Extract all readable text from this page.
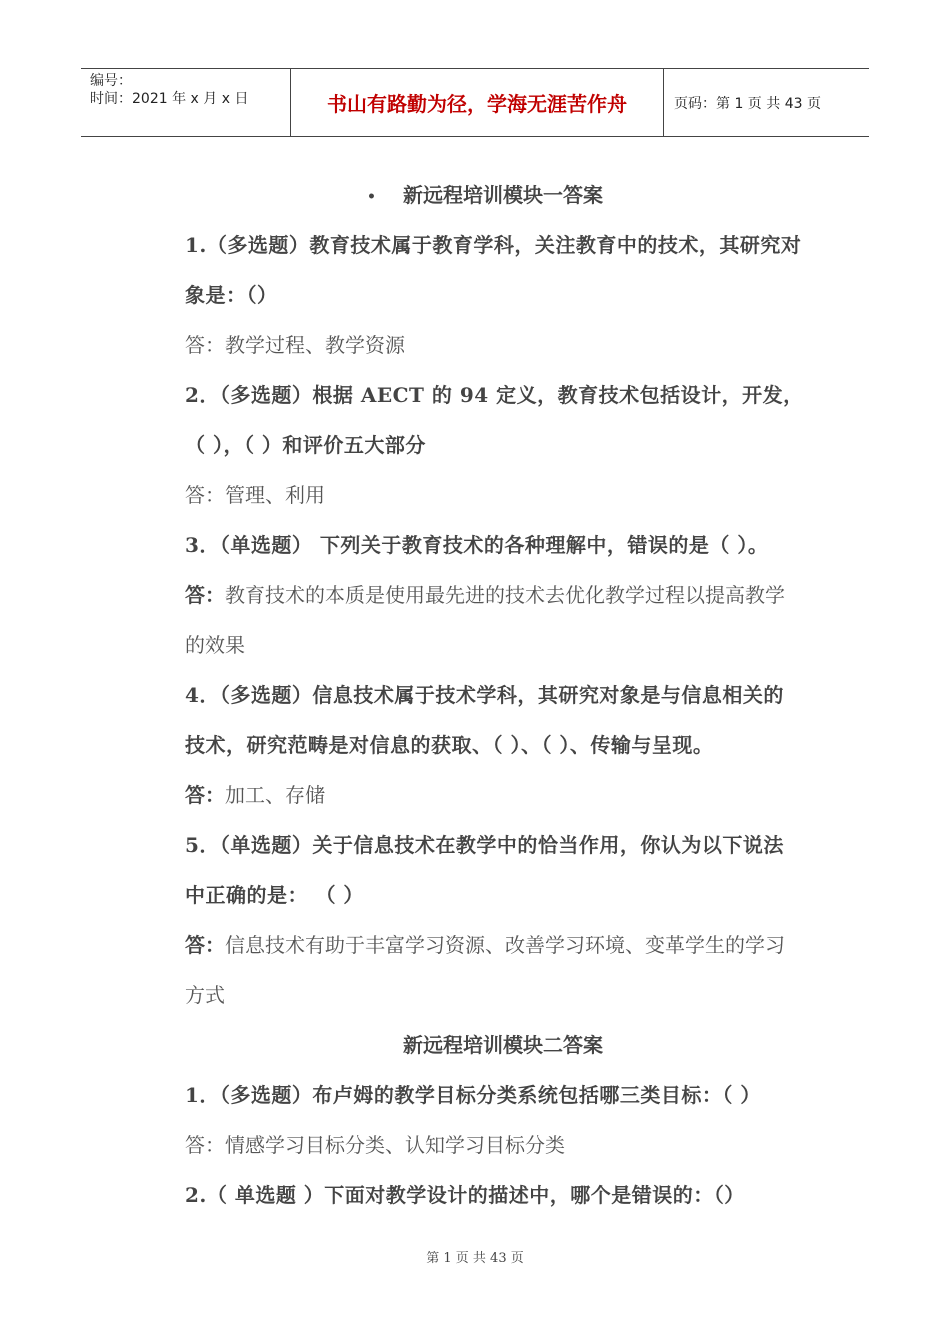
编号：
时间：2021 年 x 月 x 日	书山有路勤为径，学海无涯苦作舟	页码：第 1 页 共 43 页
• 新远程培训模块一答案
1.（多选题）教育技术属于教育学科，关注教育中的技术，其研究对
象是：（）
答：教学过程、教学资源
2．（多选题）根据 AECT 的 94 定义，教育技术包括设计，开发，
（ ），（ ）和评价五大部分
答：管理、利用
3．（单选题） 下列关于教育技术的各种理解中，错误的是（ ）。
答：教育技术的本质是使用最先进的技术去优化教学过程以提高教学
的效果
4．（多选题）信息技术属于技术学科，其研究对象是与信息相关的
技术，研究范畴是对信息的获取、（ ）、（ ）、传输与呈现。
答：加工、存储
5．（单选题）关于信息技术在教学中的恰当作用，你认为以下说法
中正确的是： （ ）
答：信息技术有助于丰富学习资源、改善学习环境、变革学生的学习
方式
新远程培训模块二答案
1．（多选题）布卢姆的教学目标分类系统包括哪三类目标：（ ）
答：情感学习目标分类、认知学习目标分类
2.（ 单选题 ）下面对教学设计的描述中，哪个是错误的：（）
第 1 页 共 43 页
